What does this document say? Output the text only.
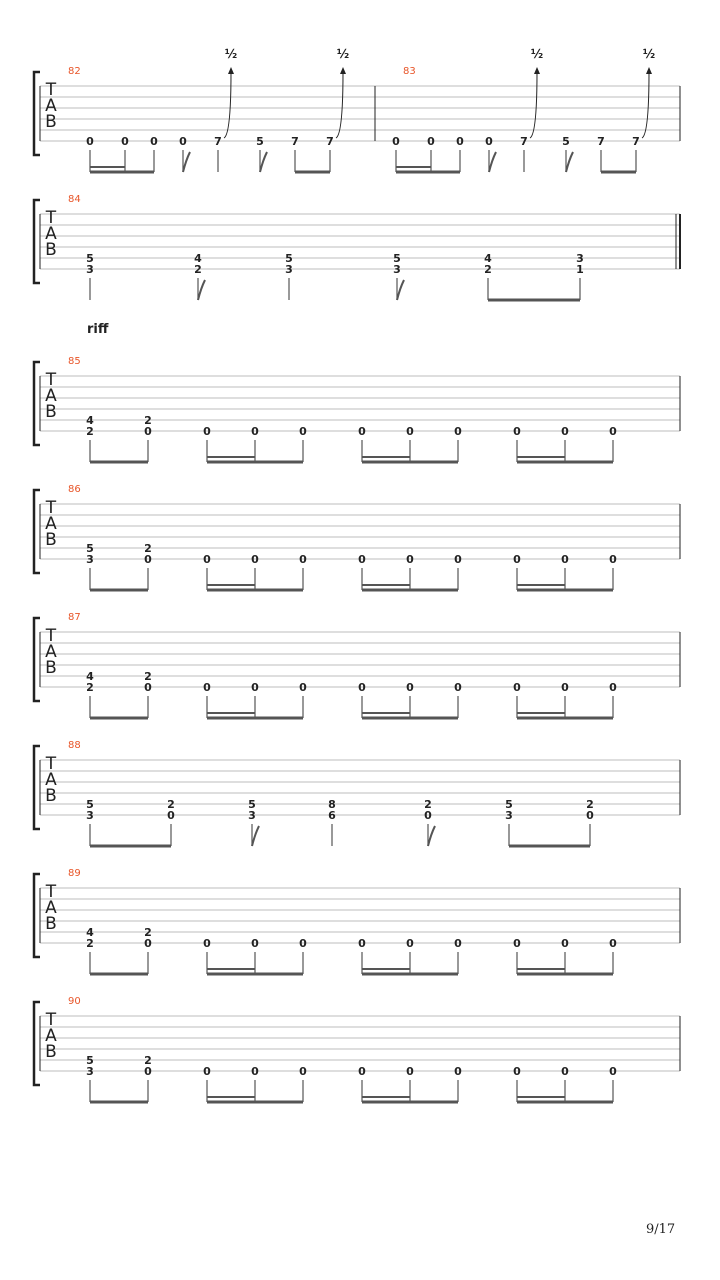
T
A
B
82
0 0 0 0 7
½
5 7 7
½
83
0 0 0 0 7
½
5 7 7
½
T
A
B
84
5
3
4
2
5
3
5
3
4
2
3
1
T
A
B
85
4
2
2
0	0	0	0	0	0	0	0	0	0
T
A
B
86
5
3
2
0	0	0	0	0	0	0	0	0	0
T
A
B
87
4
2
2
0	0	0	0	0	0	0	0	0	0
T
A
B
88
5
3
2
0
5
3
8
6
2
0
5
3
2
0
T
A
B
89
4
2
2
0	0	0	0	0	0	0	0	0	0
T
A
B
90
5
3
2
0	0	0	0	0	0	0	0	0	0
riff
9/17
